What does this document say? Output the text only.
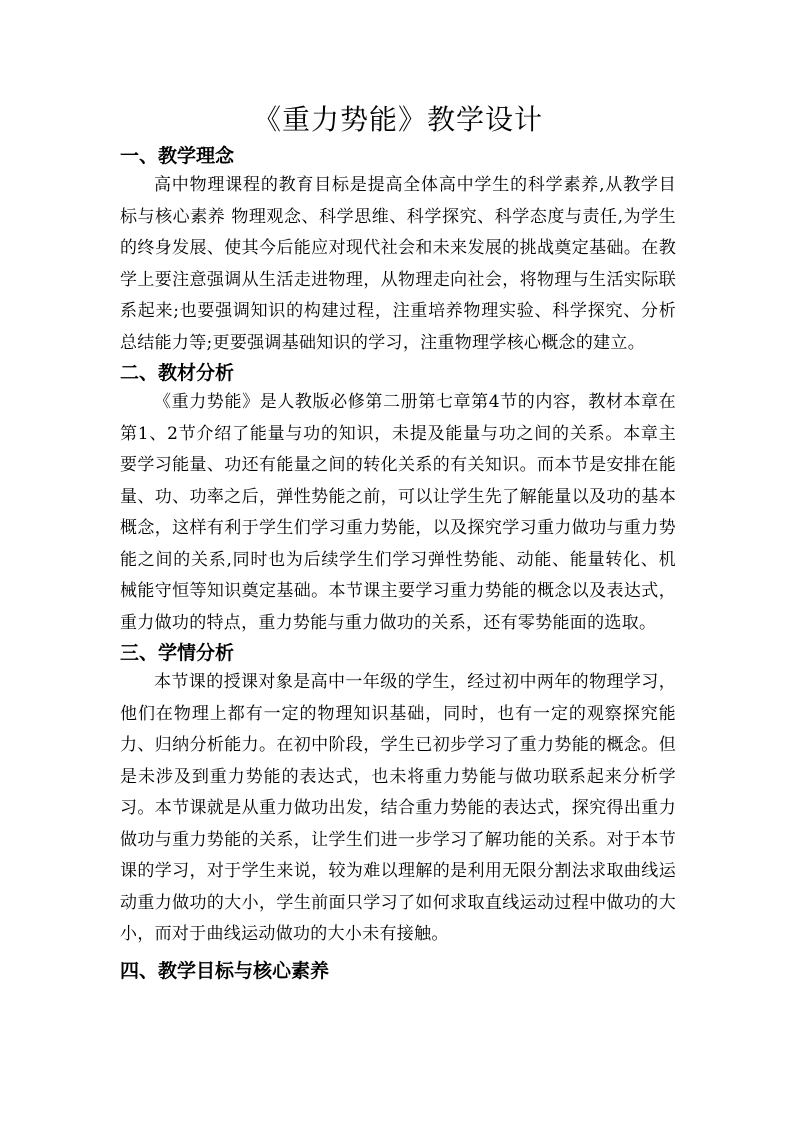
《重力势能》教学设计
一、教学理念

高中物理课程的教育目标是提高全体高中学生的科学素养,从教学目标与核心素养 物理观念、科学思维、科学探究、科学态度与责任,为学生的终身发展、使其今后能应对现代社会和未来发展的挑战奠定基础。在教学上要注意强调从生活走进物理，从物理走向社会，将物理与生活实际联系起来;也要强调知识的构建过程，注重培养物理实验、科学探究、分析总结能力等;更要强调基础知识的学习，注重物理学核心概念的建立。

二、教材分析

《重力势能》是人教版必修第二册第七章第4节的内容，教材本章在第1、2节介绍了能量与功的知识，未提及能量与功之间的关系。本章主要学习能量、功还有能量之间的转化关系的有关知识。而本节是安排在能量、功、功率之后，弹性势能之前，可以让学生先了解能量以及功的基本概念，这样有利于学生们学习重力势能，以及探究学习重力做功与重力势能之间的关系,同时也为后续学生们学习弹性势能、动能、能量转化、机械能守恒等知识奠定基础。本节课主要学习重力势能的概念以及表达式，重力做功的特点，重力势能与重力做功的关系，还有零势能面的选取。

三、学情分析

本节课的授课对象是高中一年级的学生，经过初中两年的物理学习，他们在物理上都有一定的物理知识基础，同时，也有一定的观察探究能力、归纳分析能力。在初中阶段，学生已初步学习了重力势能的概念。但是未涉及到重力势能的表达式，也未将重力势能与做功联系起来分析学习。本节课就是从重力做功出发，结合重力势能的表达式，探究得出重力做功与重力势能的关系，让学生们进一步学习了解功能的关系。对于本节课的学习，对于学生来说，较为难以理解的是利用无限分割法求取曲线运动重力做功的大小，学生前面只学习了如何求取直线运动过程中做功的大小，而对于曲线运动做功的大小未有接触。

四、教学目标与核心素养
